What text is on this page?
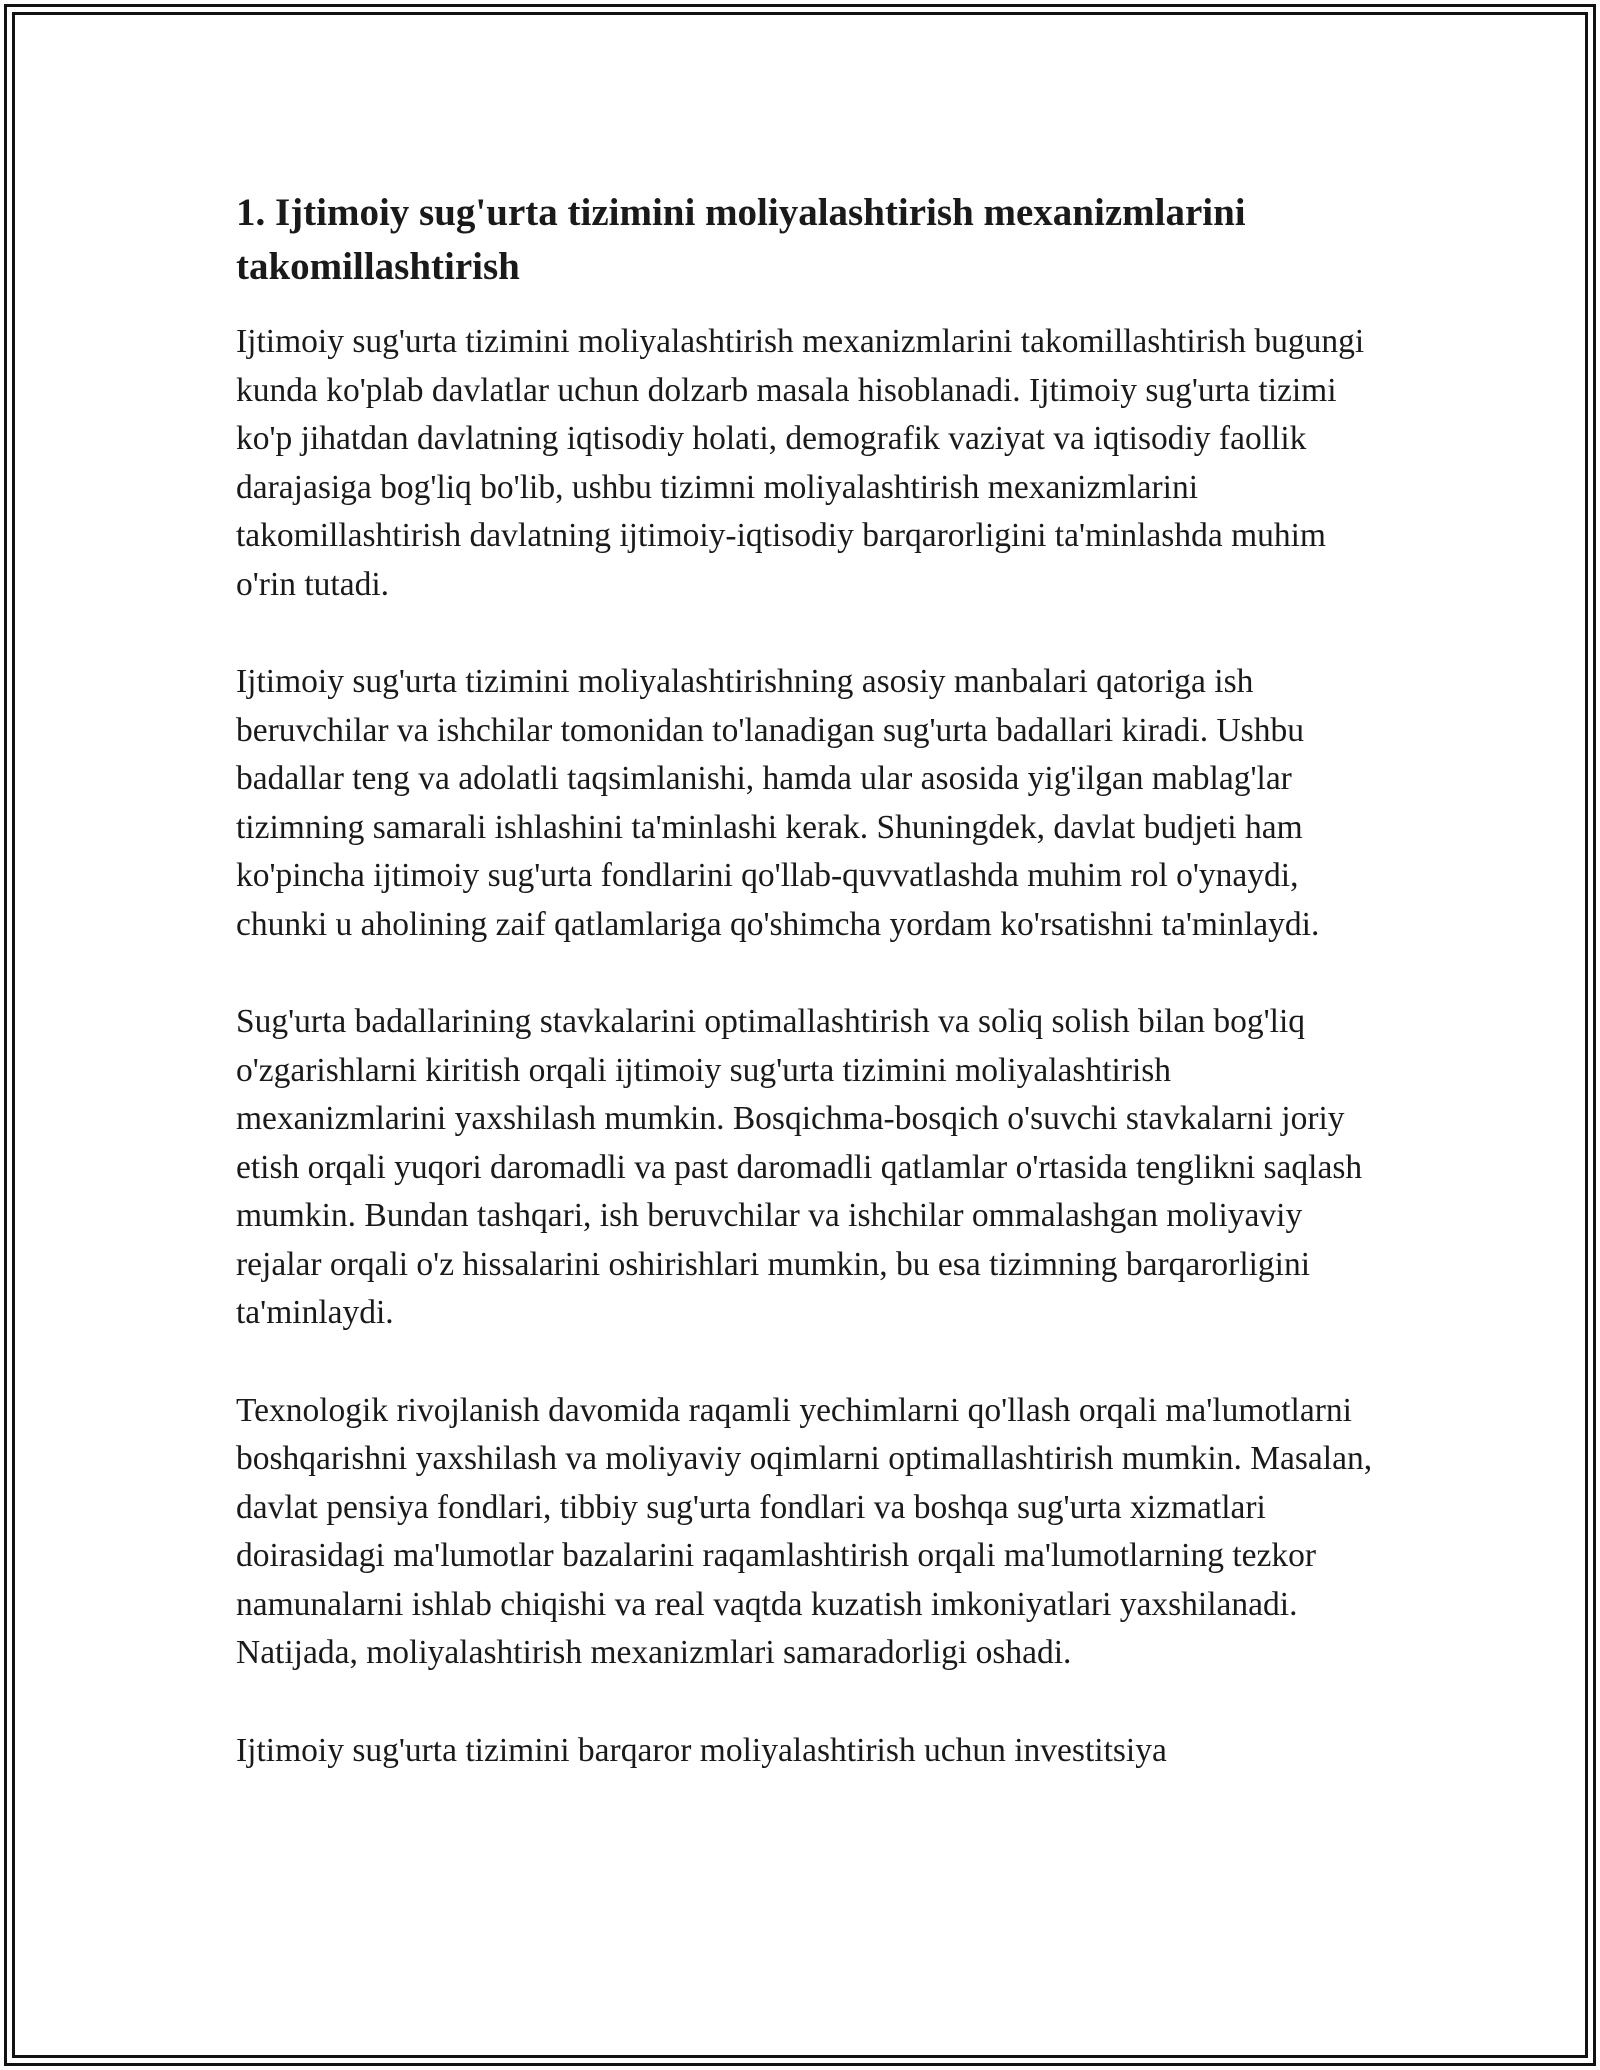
1. Ijtimoiy sug'urta tizimini moliyalashtirish mexanizmlarini takomillashtirish

Ijtimoiy sug'urta tizimini moliyalashtirish mexanizmlarini takomillashtirish bugungi kunda ko'plab davlatlar uchun dolzarb masala hisoblanadi. Ijtimoiy sug'urta tizimi ko'p jihatdan davlatning iqtisodiy holati, demografik vaziyat va iqtisodiy faollik darajasiga bog'liq bo'lib, ushbu tizimni moliyalashtirish mexanizmlarini takomillashtirish davlatning ijtimoiy-iqtisodiy barqarorligini ta'minlashda muhim o'rin tutadi.

Ijtimoiy sug'urta tizimini moliyalashtirishning asosiy manbalari qatoriga ish beruvchilar va ishchilar tomonidan to'lanadigan sug'urta badallari kiradi. Ushbu badallar teng va adolatli taqsimlanishi, hamda ular asosida yig'ilgan mablag'lar tizimning samarali ishlashini ta'minlashi kerak. Shuningdek, davlat budjeti ham ko'pincha ijtimoiy sug'urta fondlarini qo'llab-quvvatlashda muhim rol o'ynaydi, chunki u aholining zaif qatlamlariga qo'shimcha yordam ko'rsatishni ta'minlaydi.

Sug'urta badallarining stavkalarini optimallashtirish va soliq solish bilan bog'liq o'zgarishlarni kiritish orqali ijtimoiy sug'urta tizimini moliyalashtirish mexanizmlarini yaxshilash mumkin. Bosqichma-bosqich o'suvchi stavkalarni joriy etish orqali yuqori daromadli va past daromadli qatlamlar o'rtasida tenglikni saqlash mumkin. Bundan tashqari, ish beruvchilar va ishchilar ommalashgan moliyaviy rejalar orqali o'z hissalarini oshirishlari mumkin, bu esa tizimning barqarorligini ta'minlaydi.

Texnologik rivojlanish davomida raqamli yechimlarni qo'llash orqali ma'lumotlarni boshqarishni yaxshilash va moliyaviy oqimlarni optimallashtirish mumkin. Masalan, davlat pensiya fondlari, tibbiy sug'urta fondlari va boshqa sug'urta xizmatlari doirasidagi ma'lumotlar bazalarini raqamlashtirish orqali ma'lumotlarning tezkor namunalarni ishlab chiqishi va real vaqtda kuzatish imkoniyatlari yaxshilanadi. Natijada, moliyalashtirish mexanizmlari samaradorligi oshadi.

Ijtimoiy sug'urta tizimini barqaror moliyalashtirish uchun investitsiya
